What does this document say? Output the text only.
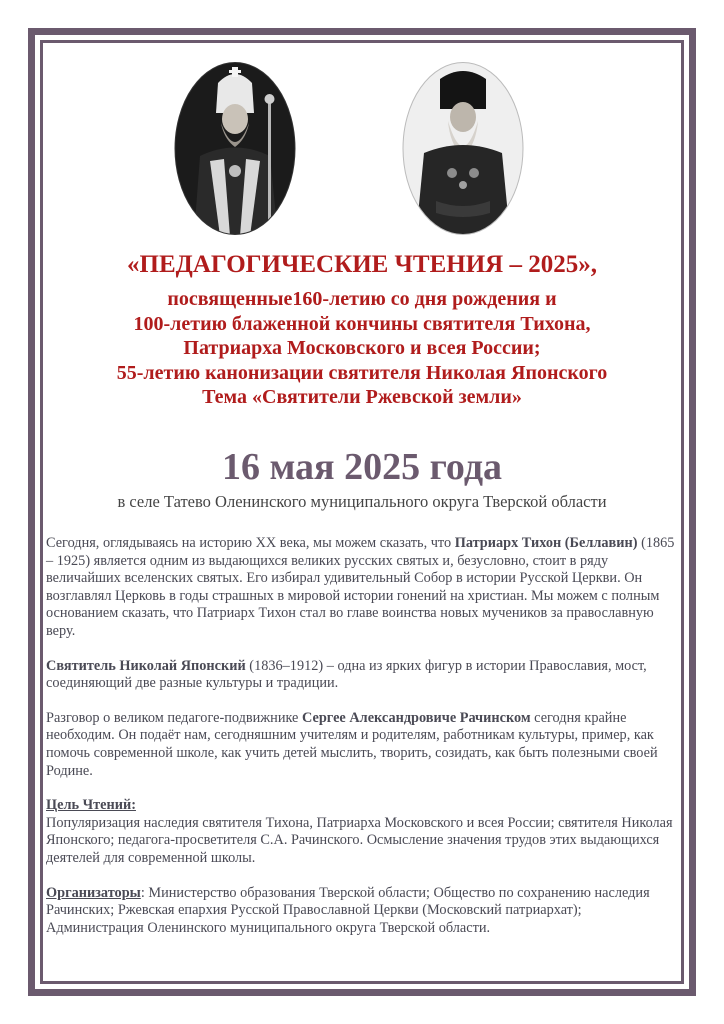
«ПЕДАГОГИЧЕСКИЕ ЧТЕНИЯ – 2025»,
посвященные160-летию со дня рождения и
100-летию блаженной кончины святителя Тихона,
Патриарха Московского и всея России;
55-летию канонизации святителя Николая Японского
Тема «Святители Ржевской земли»
16 мая 2025 года
в селе Татево Оленинского муниципального округа Тверской области

Сегодня, оглядываясь на историю XX века, мы можем сказать, что Патриарх Тихон (Беллавин) (1865 – 1925) является одним из выдающихся великих русских святых и, безусловно, стоит в ряду величайших вселенских святых. Его избирал удивительный Собор в истории Русской Церкви. Он возглавлял Церковь в годы страшных в мировой истории гонений на христиан. Мы можем с полным основанием сказать, что Патриарх Тихон стал во главе воинства новых мучеников за православную веру.

Святитель Николай Японский (1836–1912) – одна из ярких фигур в истории Православия, мост, соединяющий две разные культуры и традиции.

Разговор о великом педагоге-подвижнике Сергее Александровиче Рачинском сегодня крайне необходим. Он подаёт нам, сегодняшним учителям и родителям, работникам культуры, пример, как помочь современной школе, как учить детей мыслить, творить, созидать, как быть полезными своей Родине.

Цель Чтений:
Популяризация наследия святителя Тихона, Патриарха Московского и всея России; святителя Николая Японского; педагога-просветителя С.А. Рачинского. Осмысление значения трудов этих выдающихся деятелей для современной школы.

Организаторы: Министерство образования Тверской области; Общество по сохранению наследия Рачинских; Ржевская епархия Русской Православной Церкви (Московский патриархат); Администрация Оленинского муниципального округа Тверской области.
